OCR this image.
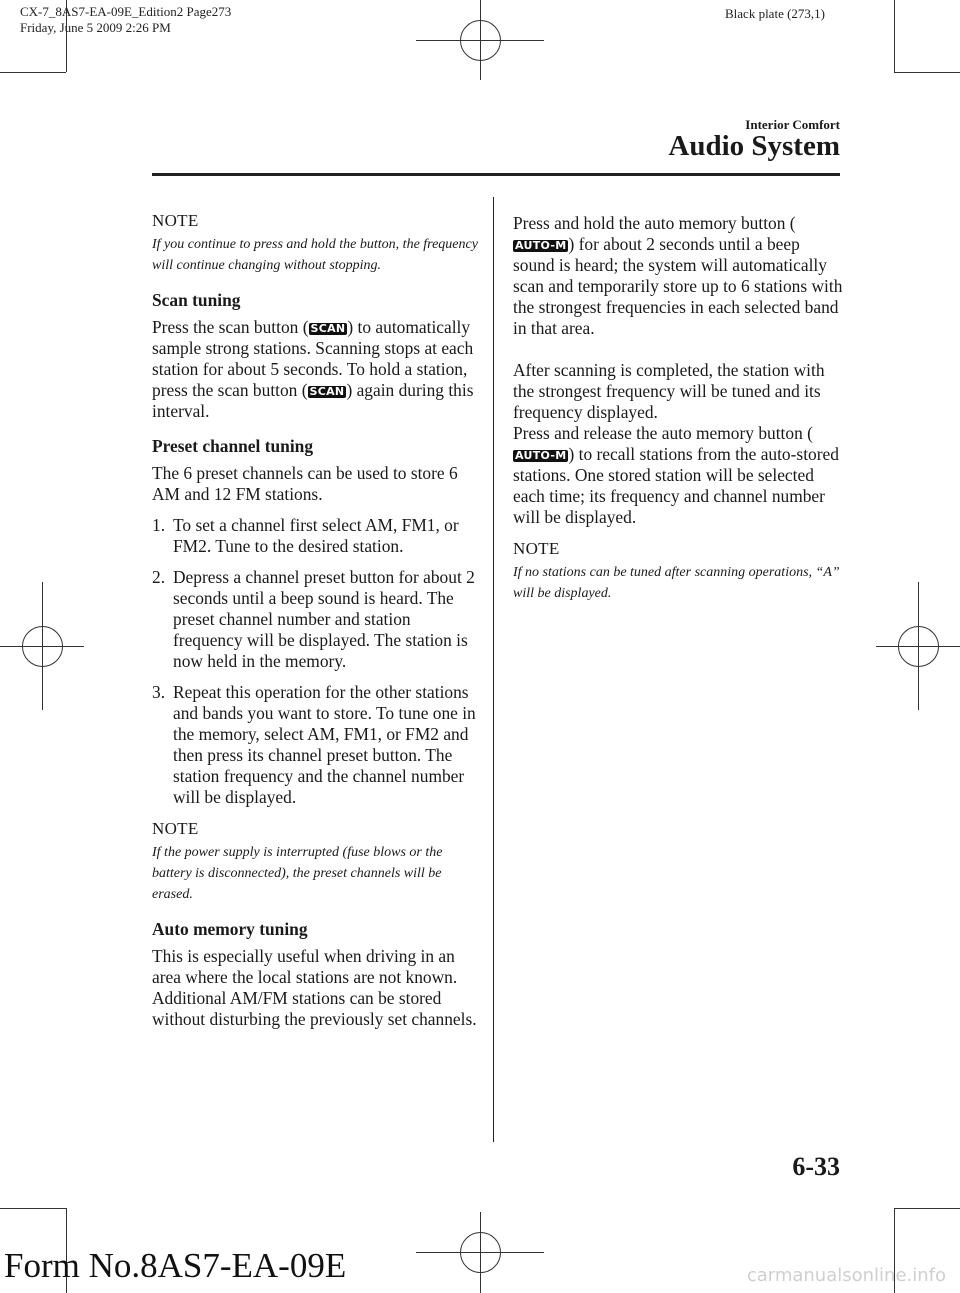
CX-7_8AS7-EA-09E_Edition2 Page273
Friday, June 5 2009 2:26 PM
Black plate (273,1)
Interior Comfort
Audio System
NOTE
If you continue to press and hold the button, the frequency will continue changing without stopping.
Scan tuning

Press the scan button ( SCAN ) to automatically sample strong stations. Scanning stops at each station for about 5 seconds. To hold a station, press the scan button ( SCAN ) again during this interval.

Preset channel tuning

The 6 preset channels can be used to store 6 AM and 12 FM stations.

1. To set a channel first select AM, FM1, or FM2. Tune to the desired station.
2. Depress a channel preset button for about 2 seconds until a beep sound is heard. The preset channel number and station frequency will be displayed. The station is now held in the memory.
3. Repeat this operation for the other stations and bands you want to store. To tune one in the memory, select AM, FM1, or FM2 and then press its channel preset button. The station frequency and the channel number will be displayed.
NOTE
If the power supply is interrupted (fuse blows or the battery is disconnected), the preset channels will be erased.
Auto memory tuning

This is especially useful when driving in an area where the local stations are not known. Additional AM/FM stations can be stored without disturbing the previously set channels.

Press and hold the auto memory button (AUTO-M ) for about 2 seconds until a beep sound is heard; the system will automatically scan and temporarily store up to 6 stations with the strongest frequencies in each selected band in that area.

After scanning is completed, the station with the strongest frequency will be tuned and its frequency displayed.

Press and release the auto memory button (AUTO-M ) to recall stations from the auto-stored stations. One stored station will be selected each time; its frequency and channel number will be displayed.

NOTE
If no stations can be tuned after scanning operations, “A” will be displayed.
6-33
Form No.8AS7-EA-09E	carmanualsonline.info
